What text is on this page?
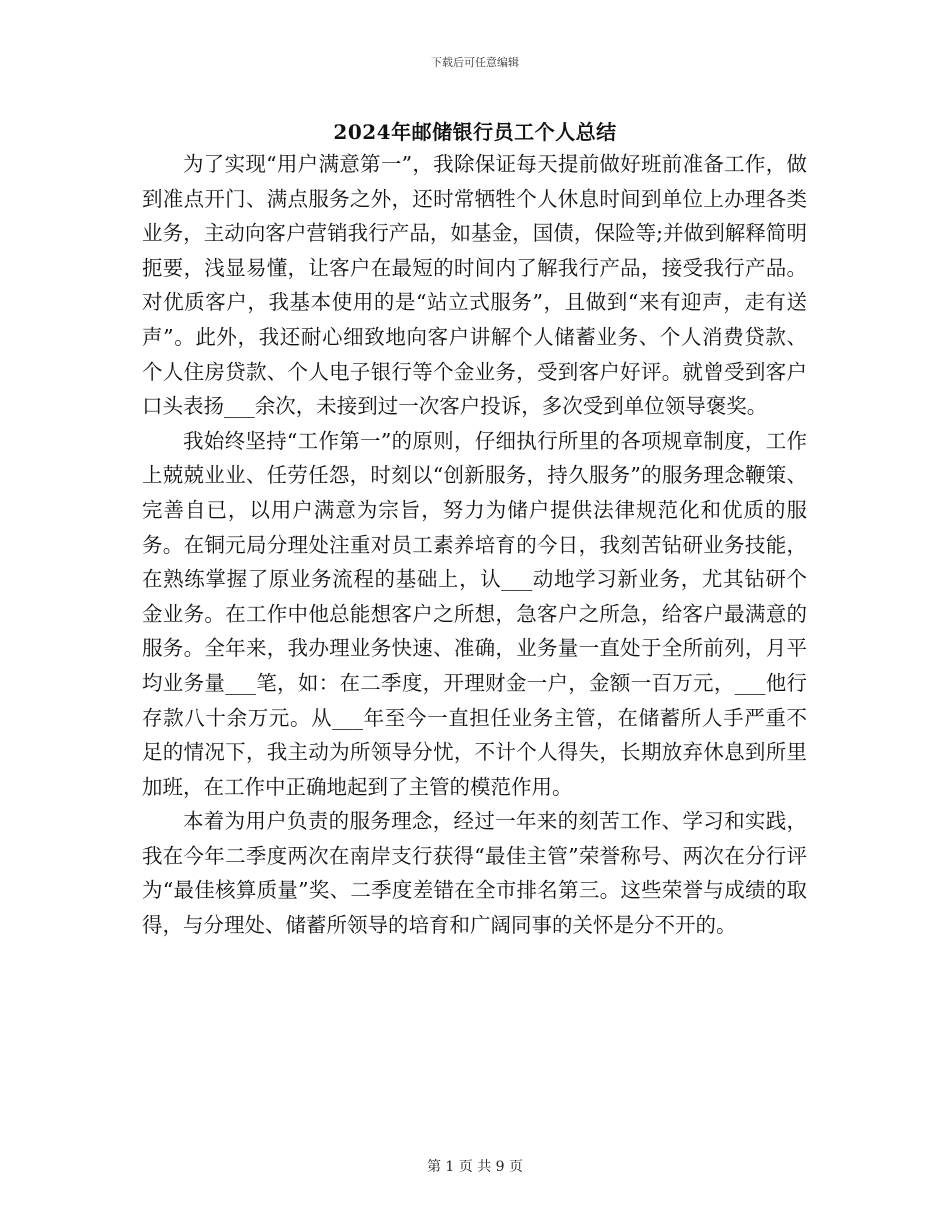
下载后可任意编辑
2024年邮储银行员工个人总结

为了实现“用户满意第一”，我除保证每天提前做好班前准备工作，做到准点开门、满点服务之外，还时常牺牲个人休息时间到单位上办理各类业务，主动向客户营销我行产品，如基金，国债，保险等;并做到解释简明扼要，浅显易懂，让客户在最短的时间内了解我行产品，接受我行产品。对优质客户，我基本使用的是“站立式服务”，且做到“来有迎声，走有送声”。此外，我还耐心细致地向客户讲解个人储蓄业务、个人消费贷款、个人住房贷款、个人电子银行等个金业务，受到客户好评。就曾受到客户口头表扬___余次，未接到过一次客户投诉，多次受到单位领导褒奖。

我始终坚持“工作第一”的原则，仔细执行所里的各项规章制度，工作上兢兢业业、任劳任怨，时刻以“创新服务，持久服务”的服务理念鞭策、完善自已，以用户满意为宗旨，努力为储户提供法律规范化和优质的服务。在铜元局分理处注重对员工素养培育的今日，我刻苦钻研业务技能，在熟练掌握了原业务流程的基础上，认___动地学习新业务，尤其钻研个金业务。在工作中他总能想客户之所想，急客户之所急，给客户最满意的服务。全年来，我办理业务快速、准确，业务量一直处于全所前列，月平均业务量___笔，如：在二季度，开理财金一户，金额一百万元，___他行存款八十余万元。从___年至今一直担任业务主管，在储蓄所人手严重不足的情况下，我主动为所领导分忧，不计个人得失，长期放弃休息到所里加班，在工作中正确地起到了主管的模范作用。

本着为用户负责的服务理念，经过一年来的刻苦工作、学习和实践，我在今年二季度两次在南岸支行获得“最佳主管”荣誉称号、两次在分行评为“最佳核算质量”奖、二季度差错在全市排名第三。这些荣誉与成绩的取得，与分理处、储蓄所领导的培育和广阔同事的关怀是分不开的。

第 1 页 共 9 页
